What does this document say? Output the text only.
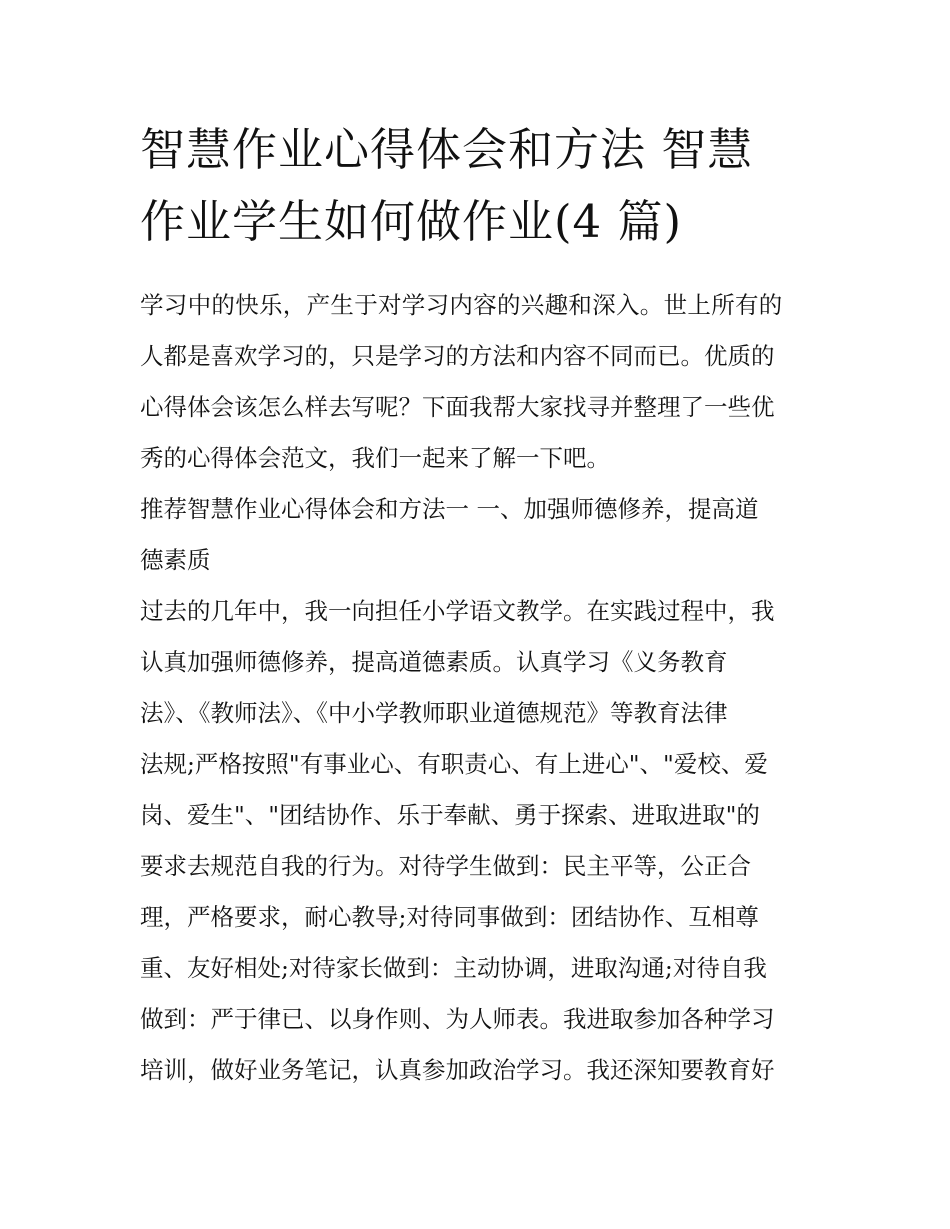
智慧作业心得体会和方法 智慧
作业学生如何做作业(4 篇)

学习中的快乐，产生于对学习内容的兴趣和深入。世上所有的
人都是喜欢学习的，只是学习的方法和内容不同而已。优质的
心得体会该怎么样去写呢？下面我帮大家找寻并整理了一些优
秀的心得体会范文，我们一起来了解一下吧。

推荐智慧作业心得体会和方法一 一、加强师德修养，提高道
德素质

过去的几年中，我一向担任小学语文教学。在实践过程中，我
认真加强师德修养，提高道德素质。认真学习《义务教育
法》、《教师法》、《中小学教师职业道德规范》等教育法律
法规;严格按照"有事业心、有职责心、有上进心"、"爱校、爱
岗、爱生"、"团结协作、乐于奉献、勇于探索、进取进取"的
要求去规范自我的行为。对待学生做到：民主平等，公正合
理，严格要求，耐心教导;对待同事做到：团结协作、互相尊
重、友好相处;对待家长做到：主动协调，进取沟通;对待自我
做到：严于律已、以身作则、为人师表。我进取参加各种学习
培训，做好业务笔记，认真参加政治学习。我还深知要教育好
